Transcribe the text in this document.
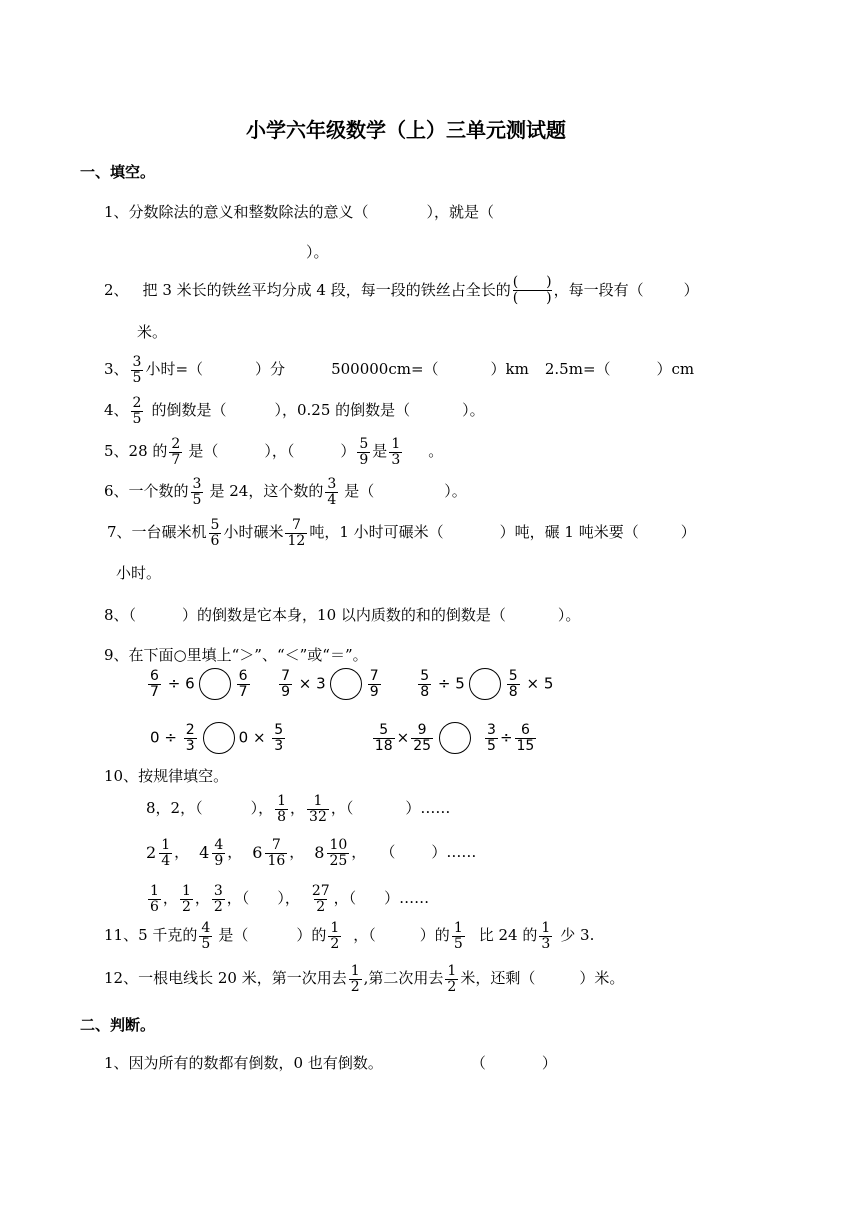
小学六年级数学（上）三单元测试题
一、填空。
1、分数除法的意义和整数除法的意义（	），就是（
）。
2、 把 3 米长的铁丝平均分成 4 段，每一段的铁丝占全长的 $\frac{( )}{( )}$ ，每一段有（	）
米。
3、 $\frac{3}{5}$ 小时=（	）分	500000cm=（	）km 2.5m=（	）cm
4、 $\frac{2}{5}$ 的倒数是（	），0.25 的倒数是（	）。
5、28 的 $\frac{2}{7}$ 是（	），（	） $\frac{5}{9}$ 是 $\frac{1}{3}$ 。
6、一个数的 $\frac{3}{5}$ 是 24，这个数的 $\frac{3}{4}$ 是（	）。
7、一台碾米机 $\frac{5}{6}$ 小时碾米 $\frac{7}{12}$ 吨，1 小时可碾米（	）吨，碾 1 吨米要（	）
小时。
8、（	）的倒数是它本身，10 以内质数的和的倒数是（	）。
9、在下面○里填上“＞”、“＜”或“＝”。
$\frac{6}{7} \div 6$	$\frac{6}{7}$
$\frac{7}{9} \times 3$	$\frac{7}{9}$
	$\frac{5}{8} \div 5$	$\frac{5}{8} \times 5$
$0 \div \frac{2}{3}$	$0 \times \frac{5}{3}$
	$\frac{5}{18} \times \frac{9}{25}$	$\frac{3}{5} \div \frac{6}{15}$
10、按规律填空。
8，2，（	）， $\frac{1}{8}$ ， $\frac{1}{32}$ ，（	）……
$2 \frac{1}{4}$ ， $4 \frac{4}{9}$ ， $6 \frac{7}{16}$ ， $8 \frac{10}{25}$ ， （ ）……
$\frac{1}{6}$ ， $\frac{1}{2}$ ， $\frac{3}{2}$ ，（ ）， $\frac{27}{2}$ ，（ ）……
11、5 千克的 $\frac{4}{5}$ 是（	）的 $\frac{1}{2}$ ，（	）的 $\frac{1}{5}$ 比 24 的 $\frac{1}{3}$ 少 3.
12、一根电线长 20 米，第一次用去 $\frac{1}{2}$ ,第二次用去 $\frac{1}{2}$ 米，还剩（	）米。
二、判断。
1、因为所有的数都有倒数，0 也有倒数。	（	）
